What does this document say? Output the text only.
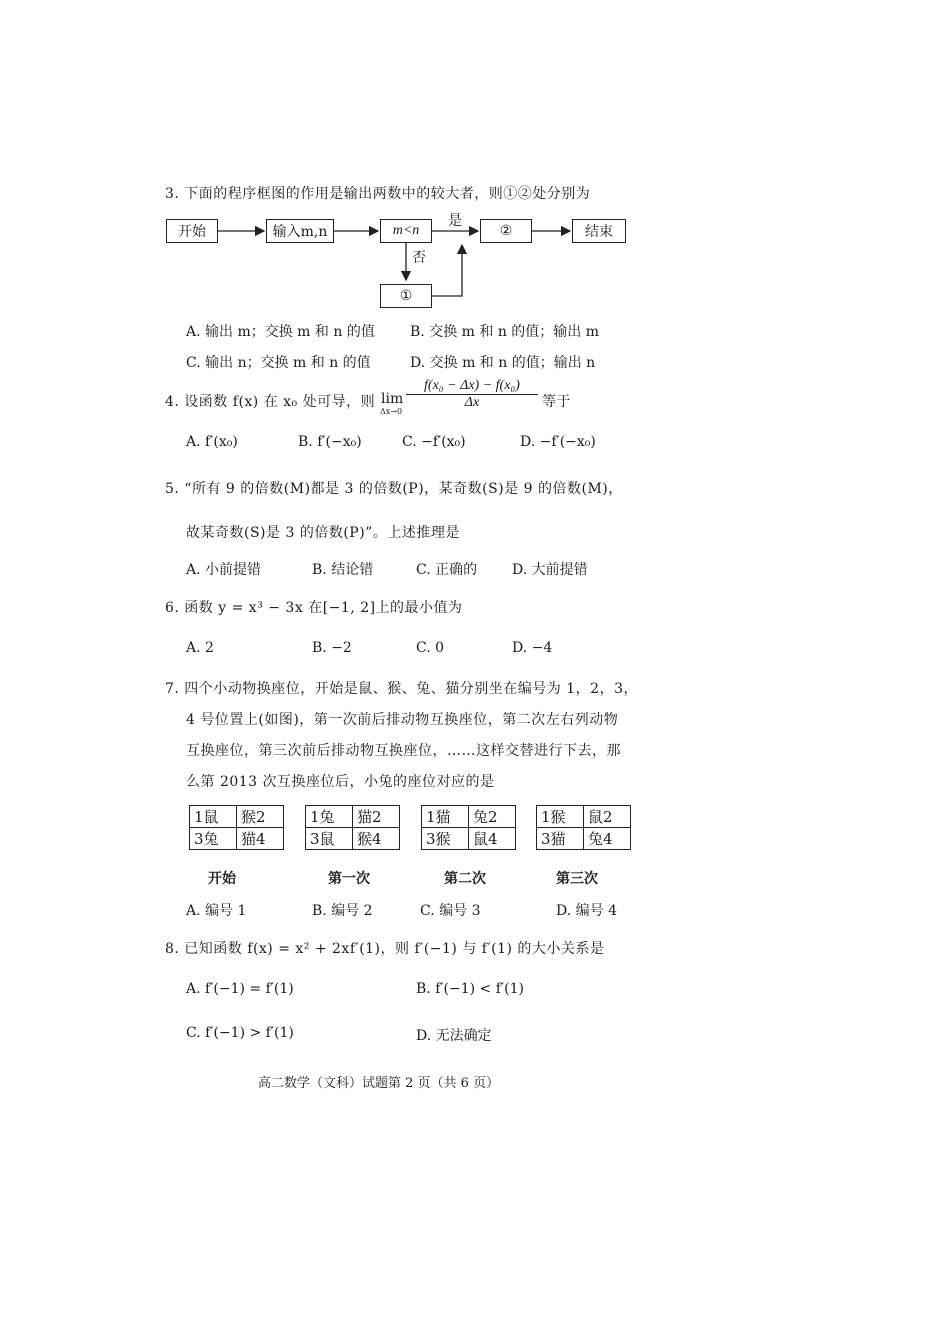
3. 下面的程序框图的作用是输出两数中的较大者，则①②处分别为
开始	输入m,n	m<n
是
②	结束
否
①
A. 输出 m；交换 m 和 n 的值	B. 交换 m 和 n 的值；输出 m
C. 输出 n；交换 m 和 n 的值	D. 交换 m 和 n 的值；输出 n
4. 设函数 f(x) 在 x₀ 处可导，则 lim
Δx→0
f(x₀ − Δx) − f(x₀)
Δx	等于
A. f′(x₀)	B. f′(−x₀)	C. −f′(x₀)	D. −f′(−x₀)
5. “所有 9 的倍数(M)都是 3 的倍数(P)，某奇数(S)是 9 的倍数(M)，
故某奇数(S)是 3 的倍数(P)”。上述推理是
A. 小前提错	B. 结论错	C. 正确的 D. 大前提错
6. 函数 y = x³ − 3x 在[−1, 2]上的最小值为
A. 2	B. −2	C. 0	D. −4
7. 四个小动物换座位，开始是鼠、猴、兔、猫分别坐在编号为 1，2，3，
4 号位置上(如图)，第一次前后排动物互换座位，第二次左右列动物
互换座位，第三次前后排动物互换座位，……这样交替进行下去，那
么第 2013 次互换座位后，小兔的座位对应的是
1鼠	猴2
3兔	猫4
1兔	猫2
3鼠	猴4
1猫	兔2
3猴	鼠4
1猴	鼠2
3猫	兔4
开始	第一次	第二次	第三次
A. 编号 1	B. 编号 2	C. 编号 3	D. 编号 4
8. 已知函数 f(x) = x² + 2xf′(1)，则 f′(−1) 与 f′(1) 的大小关系是
A. f′(−1) = f′(1)	B. f′(−1) < f′(1)
C. f′(−1) > f′(1)	D. 无法确定
高二数学（文科）试题第 2 页（共 6 页）
